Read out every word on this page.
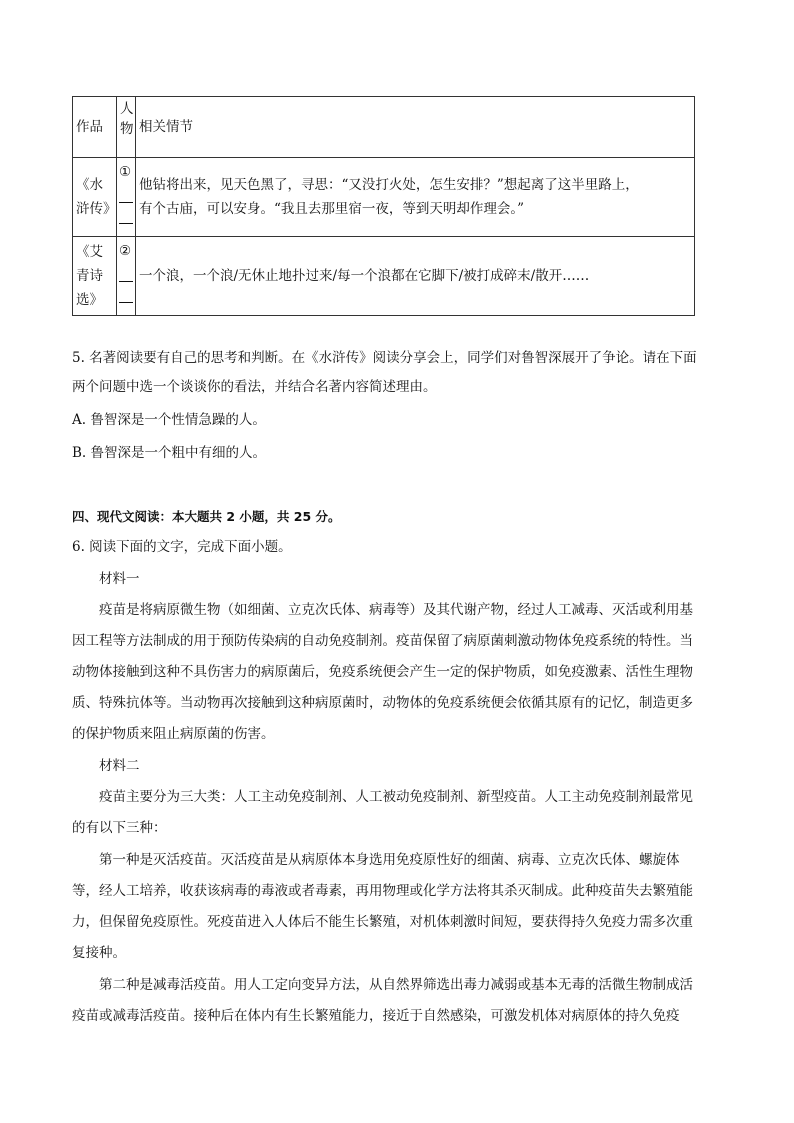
作品	人物	相关情节
《水浒传》	①	他钻将出来，见天色黑了，寻思：“又没打火处，怎生安排？”想起离了这半里路上，
有个古庙，可以安身。“我且去那里宿一夜，等到天明却作理会。”

《艾青诗选》	②	一个浪，一个浪/无休止地扑过来/每一个浪都在它脚下/被打成碎末/散开……
5. 名著阅读要有自己的思考和判断。在《水浒传》阅读分享会上，同学们对鲁智深展开了争论。请在下面
两个问题中选一个谈谈你的看法，并结合名著内容简述理由。
A. 鲁智深是一个性情急躁的人。
B. 鲁智深是一个粗中有细的人。
四、现代文阅读：本大题共 2 小题，共 25 分。
6. 阅读下面的文字，完成下面小题。
材料一
疫苗是将病原微生物（如细菌、立克次氏体、病毒等）及其代谢产物，经过人工减毒、灭活或利用基
因工程等方法制成的用于预防传染病的自动免疫制剂。疫苗保留了病原菌刺激动物体免疫系统的特性。当
动物体接触到这种不具伤害力的病原菌后，免疫系统便会产生一定的保护物质，如免疫激素、活性生理物
质、特殊抗体等。当动物再次接触到这种病原菌时，动物体的免疫系统便会依循其原有的记忆，制造更多
的保护物质来阻止病原菌的伤害。
材料二
疫苗主要分为三大类：人工主动免疫制剂、人工被动免疫制剂、新型疫苗。人工主动免疫制剂最常见
的有以下三种：
第一种是灭活疫苗。灭活疫苗是从病原体本身选用免疫原性好的细菌、病毒、立克次氏体、螺旋体
等，经人工培养，收获该病毒的毒液或者毒素，再用物理或化学方法将其杀灭制成。此种疫苗失去繁殖能
力，但保留免疫原性。死疫苗进入人体后不能生长繁殖，对机体刺激时间短，要获得持久免疫力需多次重
复接种。
第二种是减毒活疫苗。用人工定向变异方法，从自然界筛选出毒力减弱或基本无毒的活微生物制成活
疫苗或减毒活疫苗。接种后在体内有生长繁殖能力，接近于自然感染，可激发机体对病原体的持久免疫
